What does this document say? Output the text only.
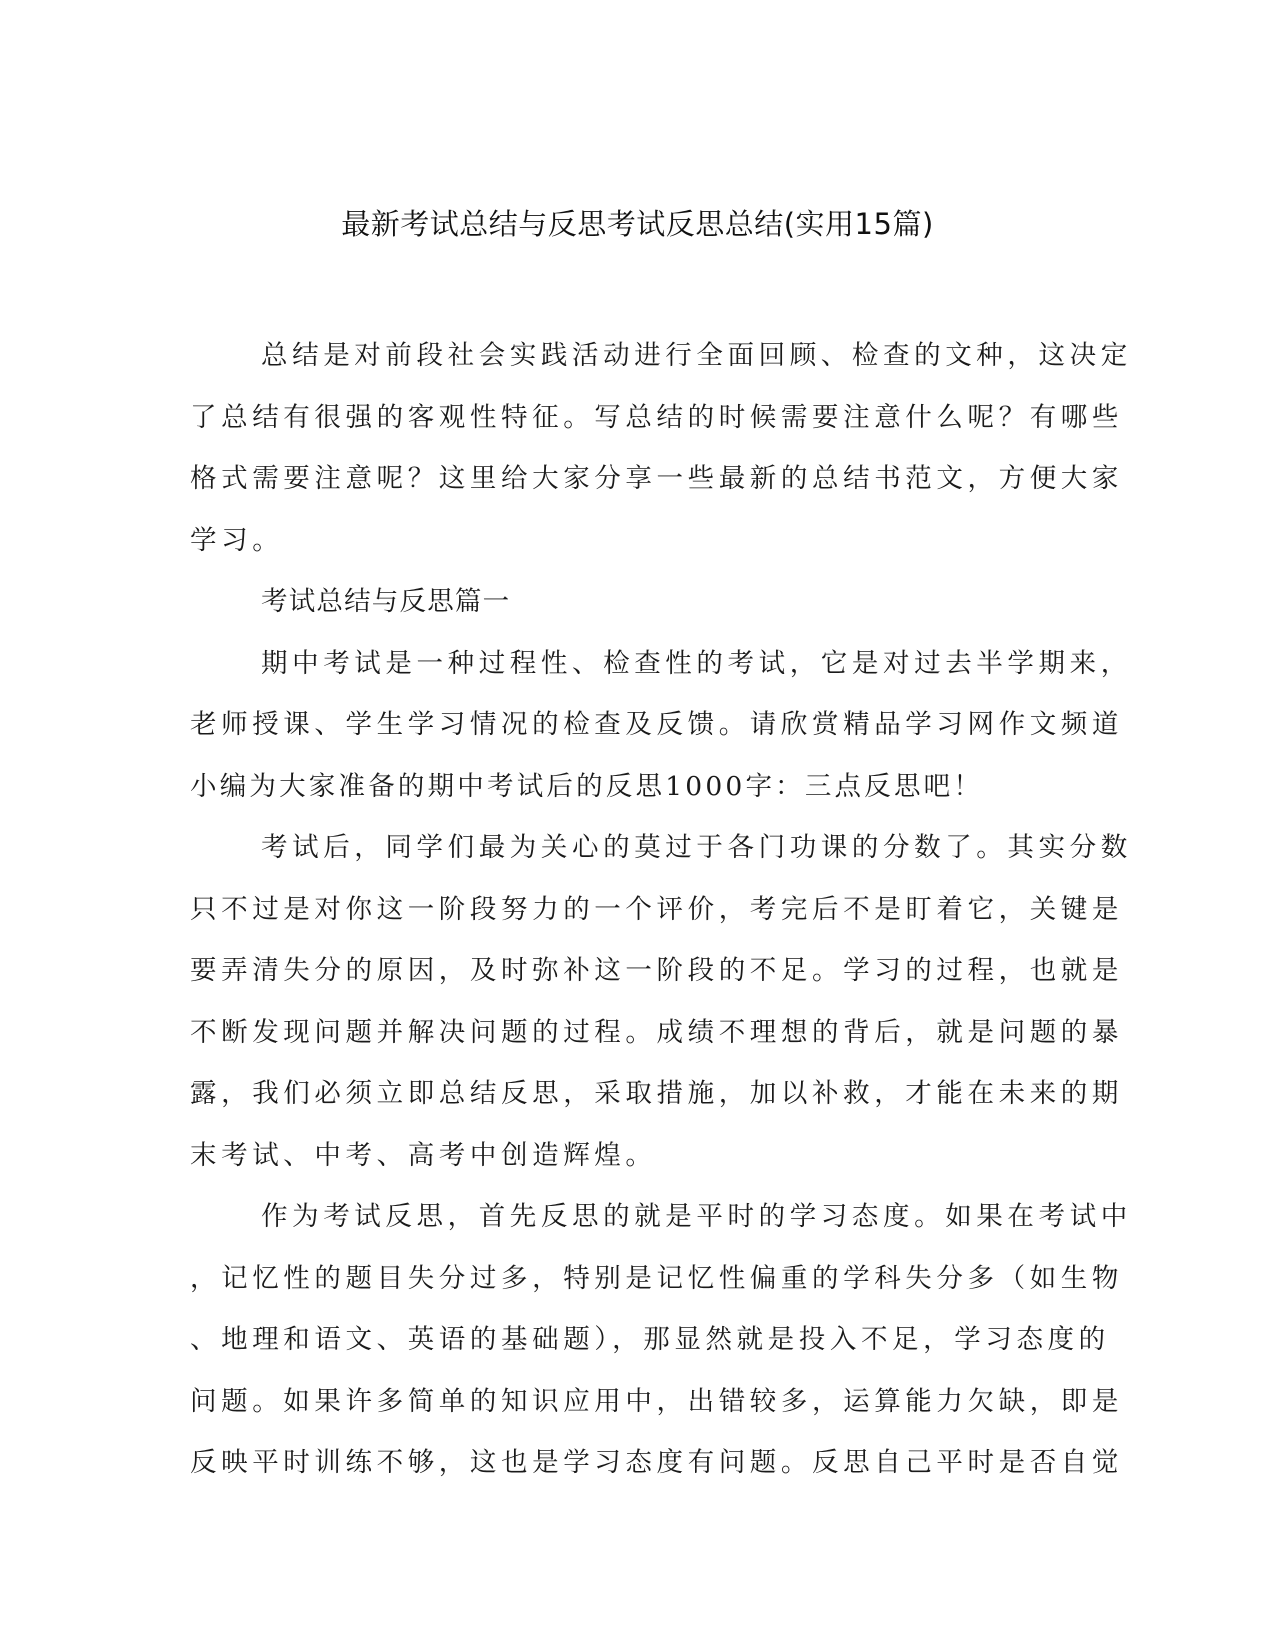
最新考试总结与反思考试反思总结(实用15篇)

总结是对前段社会实践活动进行全面回顾、检查的文种，这决定
了总结有很强的客观性特征。写总结的时候需要注意什么呢？有哪些
格式需要注意呢？这里给大家分享一些最新的总结书范文，方便大家
学习。

考试总结与反思篇一

期中考试是一种过程性、检查性的考试，它是对过去半学期来，
老师授课、学生学习情况的检查及反馈。请欣赏精品学习网作文频道
小编为大家准备的期中考试后的反思1000字：三点反思吧！

考试后，同学们最为关心的莫过于各门功课的分数了。其实分数
只不过是对你这一阶段努力的一个评价，考完后不是盯着它，关键是
要弄清失分的原因，及时弥补这一阶段的不足。学习的过程，也就是
不断发现问题并解决问题的过程。成绩不理想的背后，就是问题的暴
露，我们必须立即总结反思，采取措施，加以补救，才能在未来的期
末考试、中考、高考中创造辉煌。

作为考试反思，首先反思的就是平时的学习态度。如果在考试中
，记忆性的题目失分过多，特别是记忆性偏重的学科失分多（如生物
、地理和语文、英语的基础题），那显然就是投入不足，学习态度的
问题。如果许多简单的知识应用中，出错较多，运算能力欠缺，即是
反映平时训练不够，这也是学习态度有问题。反思自己平时是否自觉
